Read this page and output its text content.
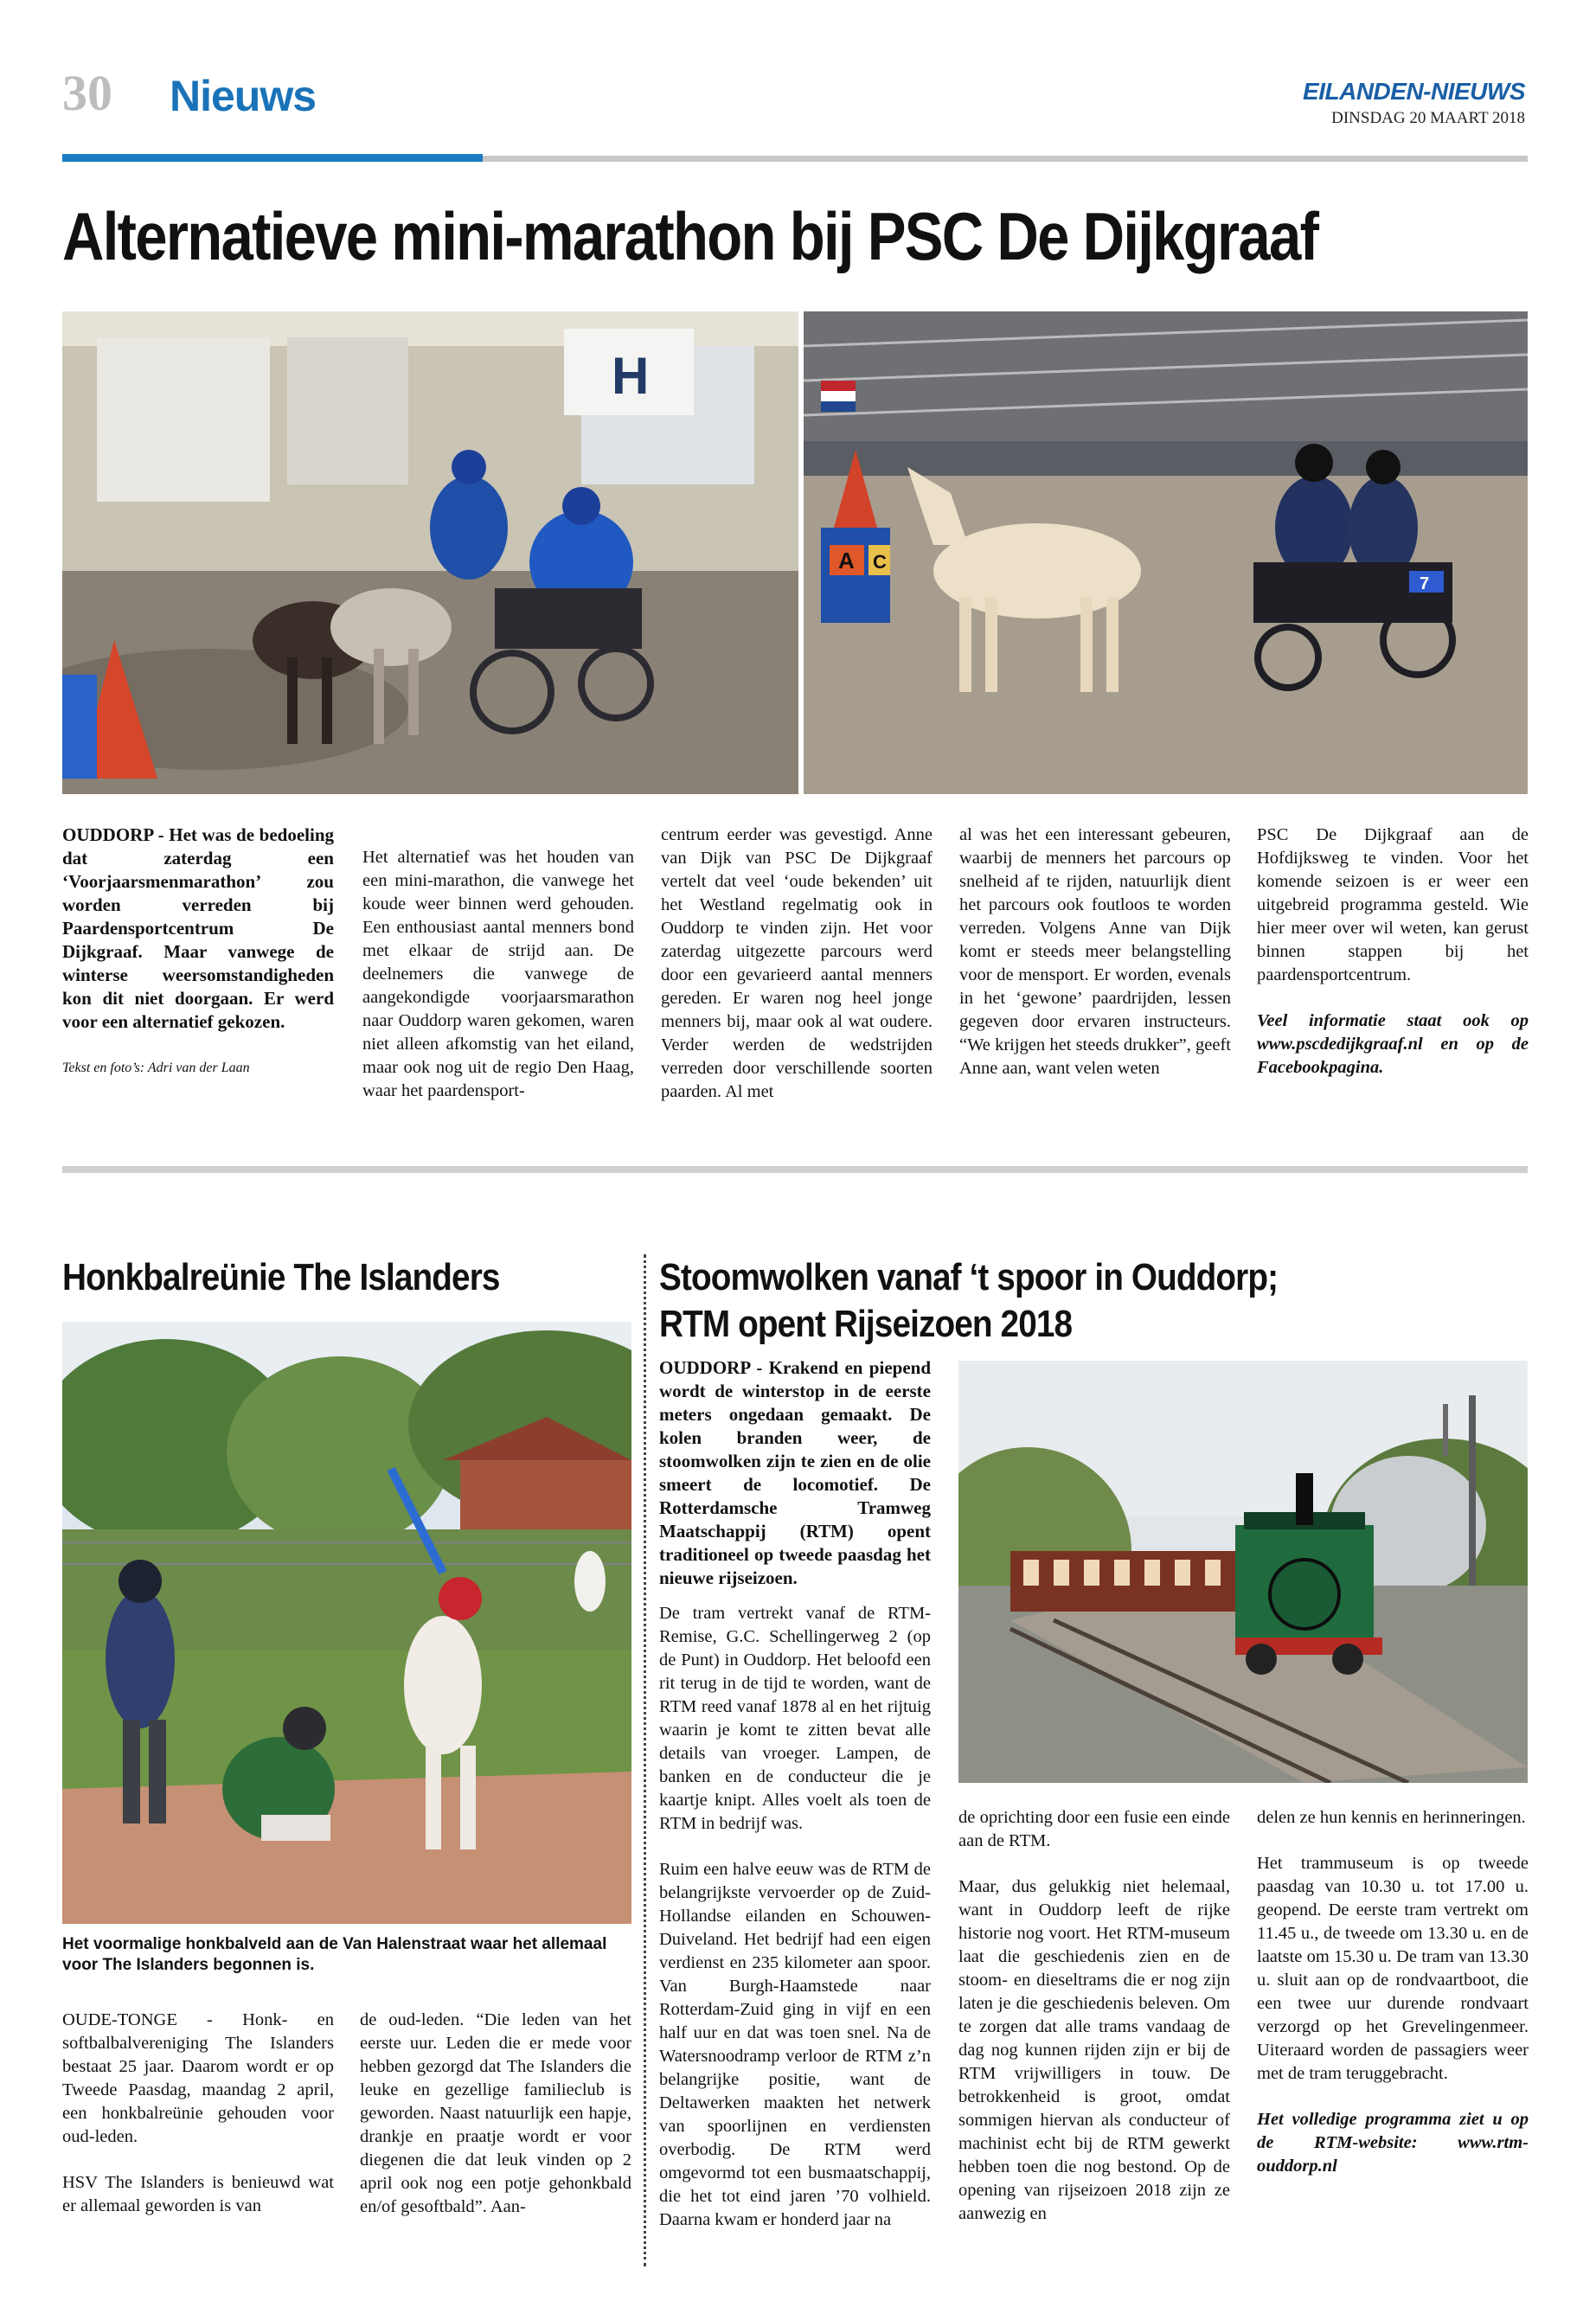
30 Nieuws	EILANDEN-NIEUWS
DINSDAG 20 MAART 2018
Alternatieve mini-marathon bij PSC De Dijkgraaf
H
A C
7

OUDDORP - Het was de bedoeling dat zaterdag een ‘Voorjaarsmenmarathon’ zou worden verreden bij Paardensportcentrum De Dijkgraaf. Maar vanwege de winterse weersomstandigheden kon dit niet doorgaan. Er werd voor een alternatief gekozen.

Tekst en foto’s: Adri van der Laan

Het alternatief was het houden van een mini-marathon, die vanwege het koude weer binnen werd gehouden. Een enthousiast aantal menners bond met elkaar de strijd aan. De deelnemers die vanwege de aangekondigde voorjaarsmarathon naar Ouddorp waren gekomen, waren niet alleen afkomstig van het eiland, maar ook nog uit de regio Den Haag, waar het paardensport-

centrum eerder was gevestigd. Anne van Dijk van PSC De Dijkgraaf vertelt dat veel ‘oude bekenden’ uit het Westland regelmatig ook in Ouddorp te vinden zijn. Het voor zaterdag uitgezette parcours werd door een gevarieerd aantal menners gereden. Er waren nog heel jonge menners bij, maar ook al wat oudere. Verder werden de wedstrijden verreden door verschillende soorten paarden. Al met

al was het een interessant gebeuren, waarbij de menners het parcours op snelheid af te rijden, natuurlijk dient het parcours ook foutloos te worden verreden. Volgens Anne van Dijk komt er steeds meer belangstelling voor de mensport. Er worden, evenals in het ‘gewone’ paardrijden, lessen gegeven door ervaren instructeurs. “We krijgen het steeds drukker”, geeft Anne aan, want velen weten

PSC De Dijkgraaf aan de Hofdijksweg te vinden. Voor het komende seizoen is er weer een uitgebreid programma gesteld. Wie hier meer over wil weten, kan gerust binnen stappen bij het paardensportcentrum.

Veel informatie staat ook op www.pscdedijkgraaf.nl en op de Facebookpagina.

Honkbalreünie The Islanders
Het voormalige honkbalveld aan de Van Halenstraat waar het allemaal voor The Islanders begonnen is.

OUDE-TONGE - Honk- en softbalbalvereniging The Islanders bestaat 25 jaar. Daarom wordt er op Tweede Paasdag, maandag 2 april, een honkbalreünie gehouden voor oud-leden.

HSV The Islanders is benieuwd wat er allemaal geworden is van

de oud-leden. “Die leden van het eerste uur. Leden die er mede voor hebben gezorgd dat The Islanders die leuke en gezellige familieclub is geworden. Naast natuurlijk een hapje, drankje en praatje wordt er voor diegenen die dat leuk vinden op 2 april ook nog een potje gehonkbald en/of gesoftbald”. Aan-

Stoomwolken vanaf ‘t spoor in Ouddorp;
RTM opent Rijseizoen 2018

OUDDORP - Krakend en piepend wordt de winterstop in de eerste meters ongedaan gemaakt. De kolen branden weer, de stoomwolken zijn te zien en de olie smeert de locomotief. De Rotterdamsche Tramweg Maatschappij (RTM) opent traditioneel op tweede paasdag het nieuwe rijseizoen.

De tram vertrekt vanaf de RTM-Remise, G.C. Schellingerweg 2 (op de Punt) in Ouddorp. Het beloofd een rit terug in de tijd te worden, want de RTM reed vanaf 1878 al en het rijtuig waarin je komt te zitten bevat alle details van vroeger. Lampen, de banken en de conducteur die je kaartje knipt. Alles voelt als toen de RTM in bedrijf was.

Ruim een halve eeuw was de RTM de belangrijkste vervoerder op de Zuid-Hollandse eilanden en Schouwen-Duiveland. Het bedrijf had een eigen verdienst en 235 kilometer aan spoor. Van Burgh-Haamstede naar Rotterdam-Zuid ging in vijf en een half uur en dat was toen snel. Na de Watersnoodramp verloor de RTM z’n belangrijke positie, want de Deltawerken maakten het netwerk van spoorlijnen en verdiensten overbodig. De RTM werd omgevormd tot een busmaatschappij, die het tot eind jaren ’70 volhield. Daarna kwam er honderd jaar na

de oprichting door een fusie een einde aan de RTM.

Maar, dus gelukkig niet helemaal, want in Ouddorp leeft de rijke historie nog voort. Het RTM-museum laat die geschiedenis zien en de stoom- en dieseltrams die er nog zijn laten je die geschiedenis beleven. Om te zorgen dat alle trams vandaag de dag nog kunnen rijden zijn er bij de RTM vrijwilligers in touw. De betrokkenheid is groot, omdat sommigen hiervan als conducteur of machinist echt bij de RTM gewerkt hebben toen die nog bestond. Op de opening van rijseizoen 2018 zijn ze aanwezig en

delen ze hun kennis en herinneringen.

Het trammuseum is op tweede paasdag van 10.30 u. tot 17.00 u. geopend. De eerste tram vertrekt om 11.45 u., de tweede om 13.30 u. en de laatste om 15.30 u. De tram van 13.30 u. sluit aan op de rondvaartboot, die een twee uur durende rondvaart verzorgd op het Grevelingenmeer. Uiteraard worden de passagiers weer met de tram teruggebracht.

Het volledige programma ziet u op de RTM-website: www.rtm-ouddorp.nl
